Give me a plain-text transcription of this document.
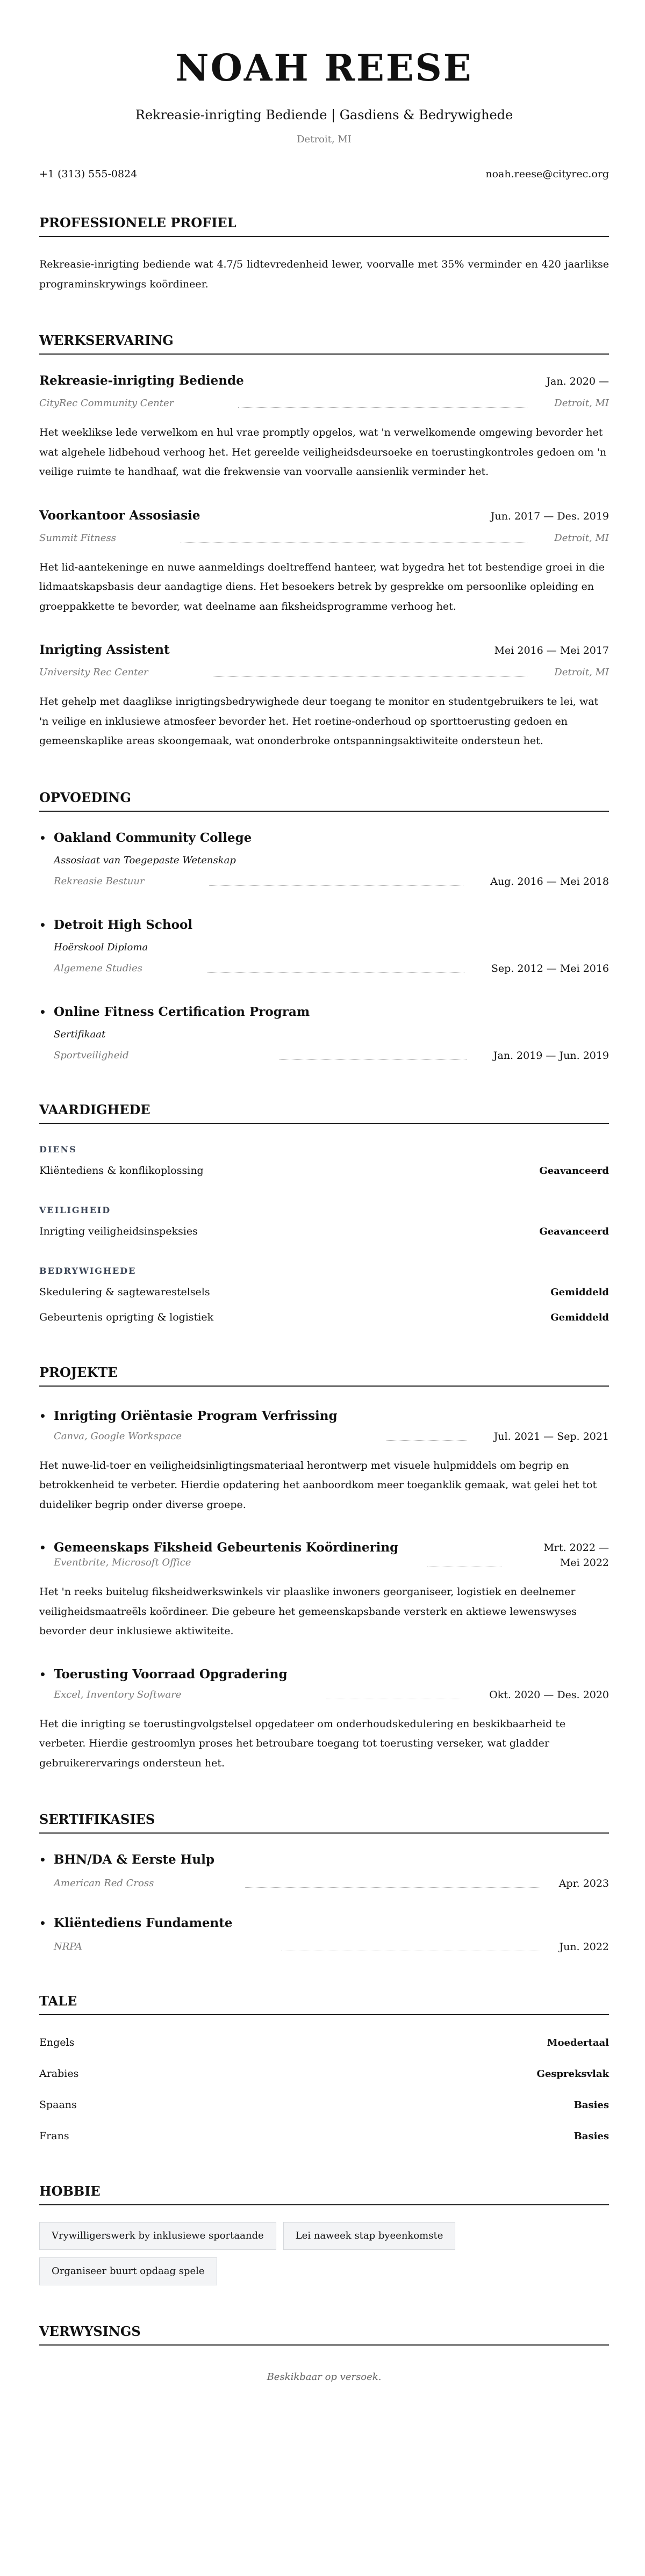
NOAH REESE
Rekreasie-inrigting Bediende | Gasdiens & Bedrywighede
Detroit, MI
+1 (313) 555-0824	noah.reese@cityrec.org
PROFESSIONELE PROFIEL
Rekreasie-inrigting bediende wat 4.7/5 lidtevredenheid lewer, voorvalle met 35% verminder en 420 jaarlikse programinskrywings koördineer.
WERKSERVARING
Rekreasie-inrigting Bediende	Jan. 2020 —
CityRec Community Center	Detroit, MI
Het weeklikse lede verwelkom en hul vrae promptly opgelos, wat 'n verwelkomende omgewing bevorder het wat algehele lidbehoud verhoog het. Het gereelde veiligheidsdeursoeke en toerustingkontroles gedoen om 'n veilige ruimte te handhaaf, wat die frekwensie van voorvalle aansienlik verminder het.
Voorkantoor Assosiasie	Jun. 2017 — Des. 2019
Summit Fitness	Detroit, MI
Het lid-aantekeninge en nuwe aanmeldings doeltreffend hanteer, wat bygedra het tot bestendige groei in die lidmaatskapsbasis deur aandagtige diens. Het besoekers betrek by gesprekke om persoonlike opleiding en groeppakkette te bevorder, wat deelname aan fiksheidsprogramme verhoog het.
Inrigting Assistent	Mei 2016 — Mei 2017
University Rec Center	Detroit, MI
Het gehelp met daaglikse inrigtingsbedrywighede deur toegang te monitor en studentgebruikers te lei, wat 'n veilige en inklusiewe atmosfeer bevorder het. Het roetine-onderhoud op sporttoerusting gedoen en gemeenskaplike areas skoongemaak, wat ononderbroke ontspanningsaktiwiteite ondersteun het.
OPVOEDING
• Oakland Community College
Assosiaat van Toegepaste Wetenskap
Rekreasie Bestuur	Aug. 2016 — Mei 2018
• Detroit High School
Hoërskool Diploma
Algemene Studies	Sep. 2012 — Mei 2016
• Online Fitness Certification Program
Sertifikaat
Sportveiligheid	Jan. 2019 — Jun. 2019
VAARDIGHEDE
DIENS
Kliëntediens & konflikoplossing	Geavanceerd
VEILIGHEID
Inrigting veiligheidsinspeksies	Geavanceerd
BEDRYWIGHEDE
Skedulering & sagtewarestelsels	Gemiddeld
Gebeurtenis oprigting & logistiek	Gemiddeld
PROJEKTE
• Inrigting Oriëntasie Program Verfrissing
Canva, Google Workspace	Jul. 2021 — Sep. 2021
Het nuwe-lid-toer en veiligheidsinligtingsmateriaal herontwerp met visuele hulpmiddels om begrip en betrokkenheid te verbeter. Hierdie opdatering het aanboordkom meer toeganklik gemaak, wat gelei het tot duideliker begrip onder diverse groepe.
• Gemeenskaps Fiksheid Gebeurtenis Koördinering
Eventbrite, Microsoft Office
Mrt. 2022 — Mei 2022
Het 'n reeks buitelug fiksheidwerkswinkels vir plaaslike inwoners georganiseer, logistiek en deelnemer veiligheidsmaatreëls koördineer. Die gebeure het gemeenskapsbande versterk en aktiewe lewenswyses bevorder deur inklusiewe aktiwiteite.
• Toerusting Voorraad Opgradering
Excel, Inventory Software	Okt. 2020 — Des. 2020
Het die inrigting se toerustingvolgstelsel opgedateer om onderhoudskedulering en beskikbaarheid te verbeter. Hierdie gestroomlyn proses het betroubare toegang tot toerusting verseker, wat gladder gebruikerervarings ondersteun het.
SERTIFIKASIES
• BHN/DA & Eerste Hulp
American Red Cross	Apr. 2023
• Kliëntediens Fundamente
NRPA	Jun. 2022
TALE
Engels	Moedertaal
Arabies	Gespreksvlak
Spaans	Basies
Frans	Basies
HOBBIE
Vrywilligerswerk by inklusiewe sportaande	Lei naweek stap byeenkomste
Organiseer buurt opdaag spele
VERWYSINGS
Beskikbaar op versoek.
